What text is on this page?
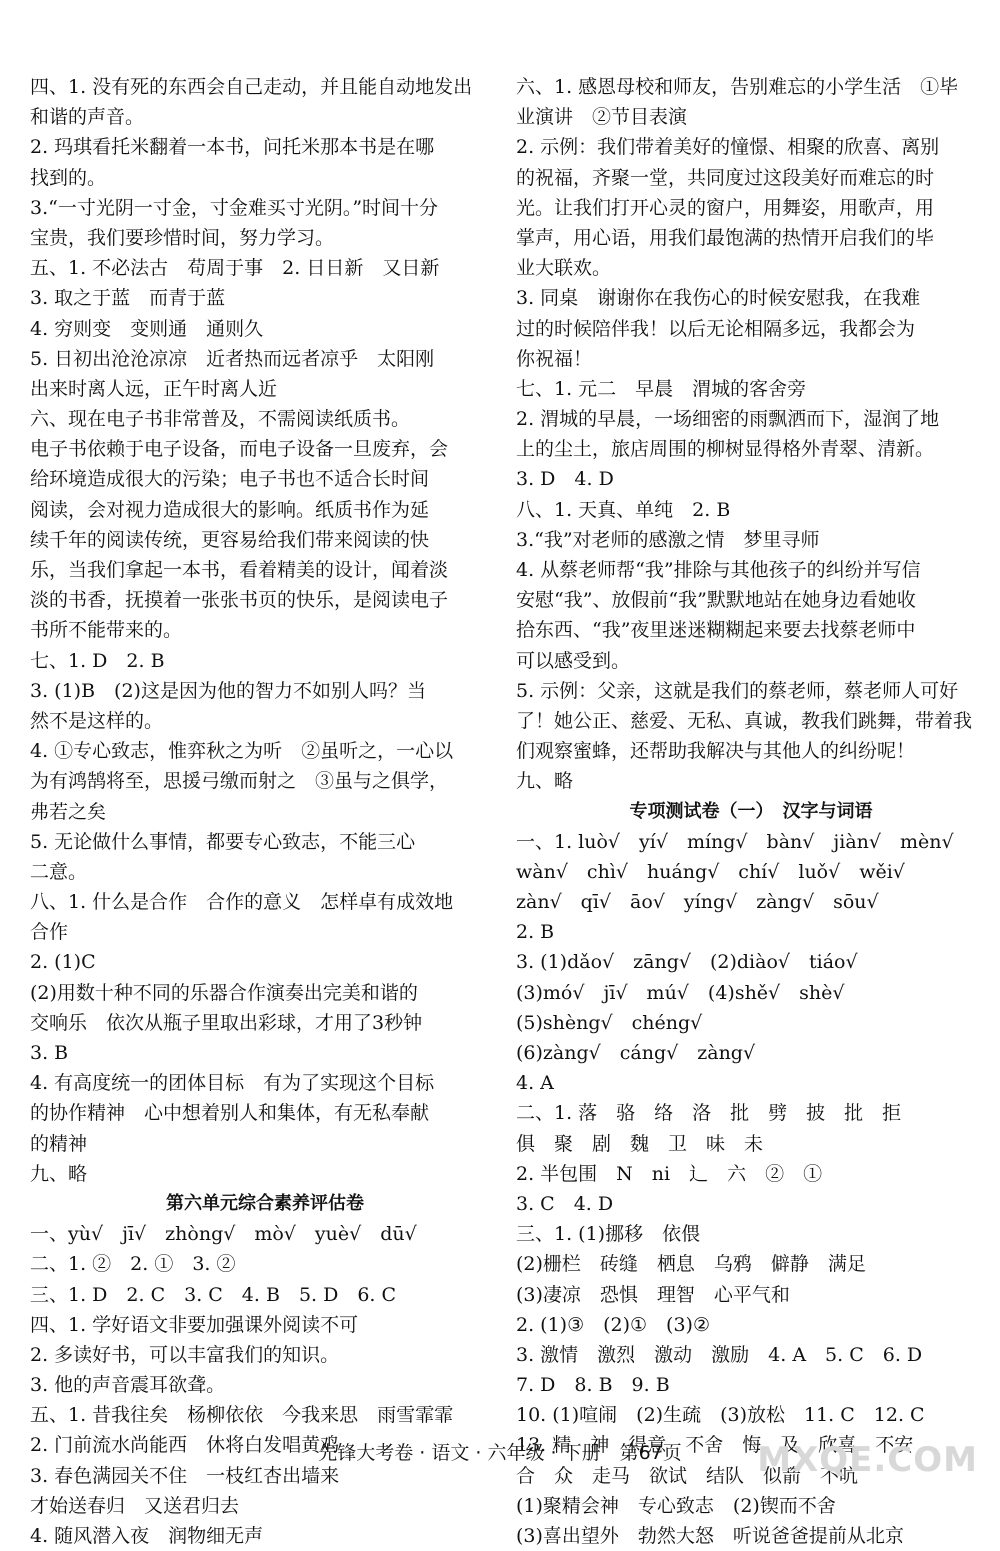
四、1. 没有死的东西会自己走动，并且能自动地发出
和谐的声音。
2. 玛琪看托米翻着一本书，问托米那本书是在哪
找到的。
3.“一寸光阴一寸金，寸金难买寸光阴。”时间十分
宝贵，我们要珍惜时间，努力学习。
五、1. 不必法古　苟周于事　2. 日日新　又日新
3. 取之于蓝　而青于蓝
4. 穷则变　变则通　通则久
5. 日初出沧沧凉凉　近者热而远者凉乎　太阳刚
出来时离人远，正午时离人近
六、现在电子书非常普及，不需阅读纸质书。
电子书依赖于电子设备，而电子设备一旦废弃，会
给环境造成很大的污染；电子书也不适合长时间
阅读，会对视力造成很大的影响。纸质书作为延
续千年的阅读传统，更容易给我们带来阅读的快
乐，当我们拿起一本书，看着精美的设计，闻着淡
淡的书香，抚摸着一张张书页的快乐，是阅读电子
书所不能带来的。
七、1. D　2. B
3. (1)B　(2)这是因为他的智力不如别人吗？当
然不是这样的。
4. ①专心致志，惟弈秋之为听　②虽听之，一心以
为有鸿鹄将至，思援弓缴而射之　③虽与之俱学，
弗若之矣
5. 无论做什么事情，都要专心致志，不能三心
二意。
八、1. 什么是合作　合作的意义　怎样卓有成效地
合作
2. (1)C
(2)用数十种不同的乐器合作演奏出完美和谐的
交响乐　依次从瓶子里取出彩球，才用了3秒钟
3. B
4. 有高度统一的团体目标　有为了实现这个目标
的协作精神　心中想着别人和集体，有无私奉献
的精神
九、略
第六单元综合素养评估卷
一、yù√　jī√　zhòng√　mò√　yuè√　dū√
二、1. ②　2. ①　3. ②
三、1. D　2. C　3. C　4. B　5. D　6. C
四、1. 学好语文非要加强课外阅读不可
2. 多读好书，可以丰富我们的知识。
3. 他的声音震耳欲聋。
五、1. 昔我往矣　杨柳依依　今我来思　雨雪霏霏
2. 门前流水尚能西　休将白发唱黄鸡
3. 春色满园关不住　一枝红杏出墙来
才始送春归　又送君归去
4. 随风潜入夜　润物细无声
六、1. 感恩母校和师友，告别难忘的小学生活　①毕
业演讲　②节目表演
2. 示例：我们带着美好的憧憬、相聚的欣喜、离别
的祝福，齐聚一堂，共同度过这段美好而难忘的时
光。让我们打开心灵的窗户，用舞姿，用歌声，用
掌声，用心语，用我们最饱满的热情开启我们的毕
业大联欢。
3. 同桌　谢谢你在我伤心的时候安慰我，在我难
过的时候陪伴我！以后无论相隔多远，我都会为
你祝福！
七、1. 元二　早晨　渭城的客舍旁
2. 渭城的早晨，一场细密的雨飘洒而下，湿润了地
上的尘土，旅店周围的柳树显得格外青翠、清新。
3. D　4. D
八、1. 天真、单纯　2. B
3.“我”对老师的感激之情　梦里寻师
4. 从蔡老师帮“我”排除与其他孩子的纠纷并写信
安慰“我”、放假前“我”默默地站在她身边看她收
拾东西、“我”夜里迷迷糊糊起来要去找蔡老师中
可以感受到。
5. 示例：父亲，这就是我们的蔡老师，蔡老师人可好
了！她公正、慈爱、无私、真诚，教我们跳舞，带着我
们观察蜜蜂，还帮助我解决与其他人的纠纷呢！
九、略
专项测试卷（一）　汉字与词语
一、1. luò√　yí√　míng√　bàn√　jiàn√　mèn√
wàn√　chì√　huáng√　chí√　luǒ√　wěi√
zàn√　qī√　āo√　yíng√　zàng√　sōu√
2. B
3. (1)dǎo√　zāng√　(2)diào√　tiáo√
(3)mó√　jī√　mú√　(4)shě√　shè√
(5)shèng√　chéng√
(6)zàng√　cáng√　zàng√
4. A
二、1. 落　骆　络　洛　批　劈　披　批　拒
俱　聚　剧　魏　卫　味　未
2. 半包围　N　ni　辶　六　②　①
3. C　4. D
三、1. (1)挪移　依偎
(2)栅栏　砖缝　栖息　乌鸦　僻静　满足
(3)凄凉　恐惧　理智　心平气和
2. (1)③　(2)①　(3)②
3. 激情　激烈　激动　激励　4. A　5. C　6. D
7. D　8. B　9. B
10. (1)喧闹　(2)生疏　(3)放松　11. C　12. C
13. 精　神　得意　不舍　悔　及　欣喜　不安
合　众　走马　欲试　结队　似箭　不吭
(1)聚精会神　专心致志　(2)锲而不舍
(3)喜出望外　勃然大怒　听说爸爸提前从北京
先锋大考卷 · 语文 · 六年级 · 下册　第67页	MXQE.COM
